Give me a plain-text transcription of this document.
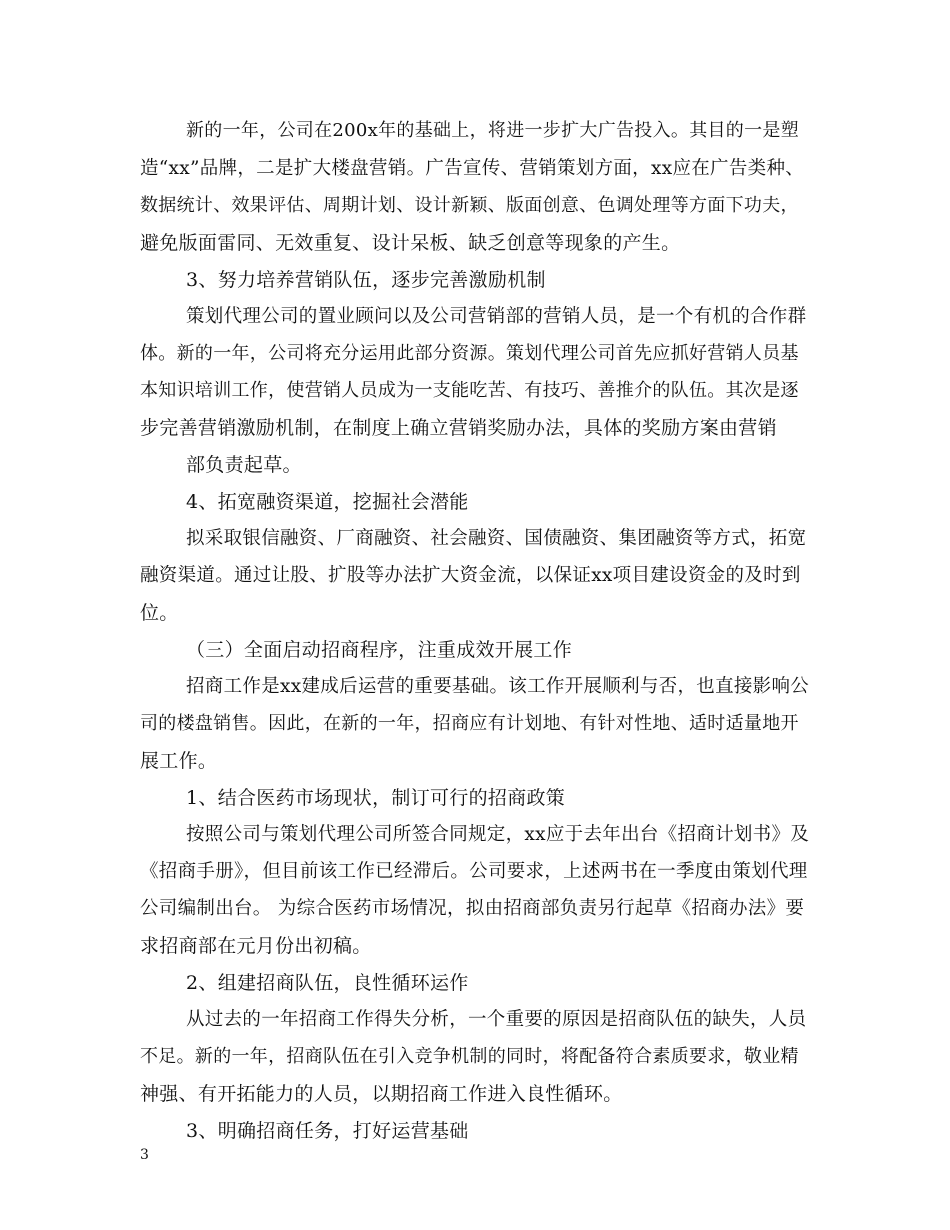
新的一年，公司在200x年的基础上，将进一步扩大广告投入。其目的一是塑
造“xx”品牌，二是扩大楼盘营销。广告宣传、营销策划方面，xx应在广告类种、
数据统计、效果评估、周期计划、设计新颖、版面创意、色调处理等方面下功夫，
避免版面雷同、无效重复、设计呆板、缺乏创意等现象的产生。
3、努力培养营销队伍，逐步完善激励机制
策划代理公司的置业顾问以及公司营销部的营销人员，是一个有机的合作群
体。新的一年，公司将充分运用此部分资源。策划代理公司首先应抓好营销人员基
本知识培训工作，使营销人员成为一支能吃苦、有技巧、善推介的队伍。其次是逐
步完善营销激励机制，在制度上确立营销奖励办法，具体的奖励方案由营销
部负责起草。
4、拓宽融资渠道，挖掘社会潜能
拟采取银信融资、厂商融资、社会融资、国债融资、集团融资等方式，拓宽
融资渠道。通过让股、扩股等办法扩大资金流，以保证xx项目建设资金的及时到
位。
（三）全面启动招商程序，注重成效开展工作
招商工作是xx建成后运营的重要基础。该工作开展顺利与否，也直接影响公
司的楼盘销售。因此，在新的一年，招商应有计划地、有针对性地、适时适量地开
展工作。
1、结合医药市场现状，制订可行的招商政策
按照公司与策划代理公司所签合同规定，xx应于去年出台《招商计划书》及
《招商手册》，但目前该工作已经滞后。公司要求，上述两书在一季度由策划代理
公司编制出台。 为综合医药市场情况，拟由招商部负责另行起草《招商办法》要
求招商部在元月份出初稿。
2、组建招商队伍，良性循环运作
从过去的一年招商工作得失分析，一个重要的原因是招商队伍的缺失，人员
不足。新的一年，招商队伍在引入竞争机制的同时，将配备符合素质要求，敬业精
神强、有开拓能力的人员，以期招商工作进入良性循环。
3、明确招商任务，打好运营基础
3
